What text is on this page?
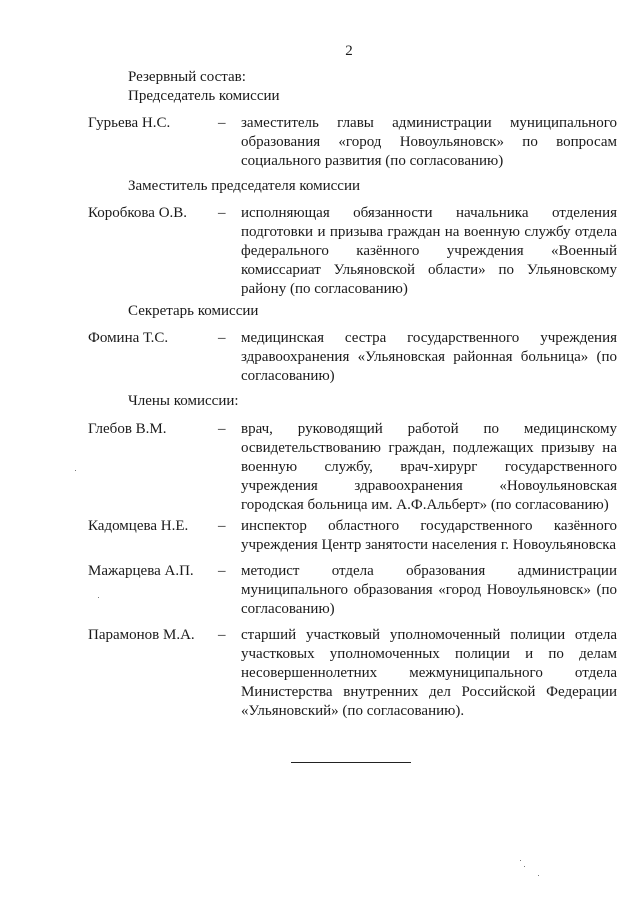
2
Резервный состав:
Председатель комиссии
Гурьева Н.С.	– заместитель главы администрации муниципального образования «город Новоульяновск» по вопросам социального развития (по согласованию)
Заместитель председателя комиссии
Коробкова О.В. – исполняющая обязанности начальника отделения подготовки и призыва граждан на военную службу отдела федерального казённого учреждения «Военный комиссариат Ульяновской области» по Ульяновскому району (по согласованию)
Секретарь комиссии
Фомина Т.С.	– медицинская сестра государственного учреждения здравоохранения «Ульяновская районная больница» (по согласованию)
Члены комиссии:
Глебов В.М.	– врач, руководящий работой по медицинскому освидетельствованию граждан, подлежащих призыву на военную службу, врач-хирург государственного учреждения здравоохранения «Новоульяновская городская больница им. А.Ф.Альберт» (по согласованию)
Кадомцева Н.Е. – инспектор областного государственного казённого учреждения Центр занятости населения г. Новоульяновска
Мажарцева А.П. – методист отдела образования администрации муниципального образования «город Новоульяновск» (по согласованию)
Парамонов М.А. – старший участковый уполномоченный полиции отдела участковых уполномоченных полиции и по делам несовершеннолетних межмуниципального отдела Министерства внутренних дел Российской Федерации «Ульяновский» (по согласованию).
